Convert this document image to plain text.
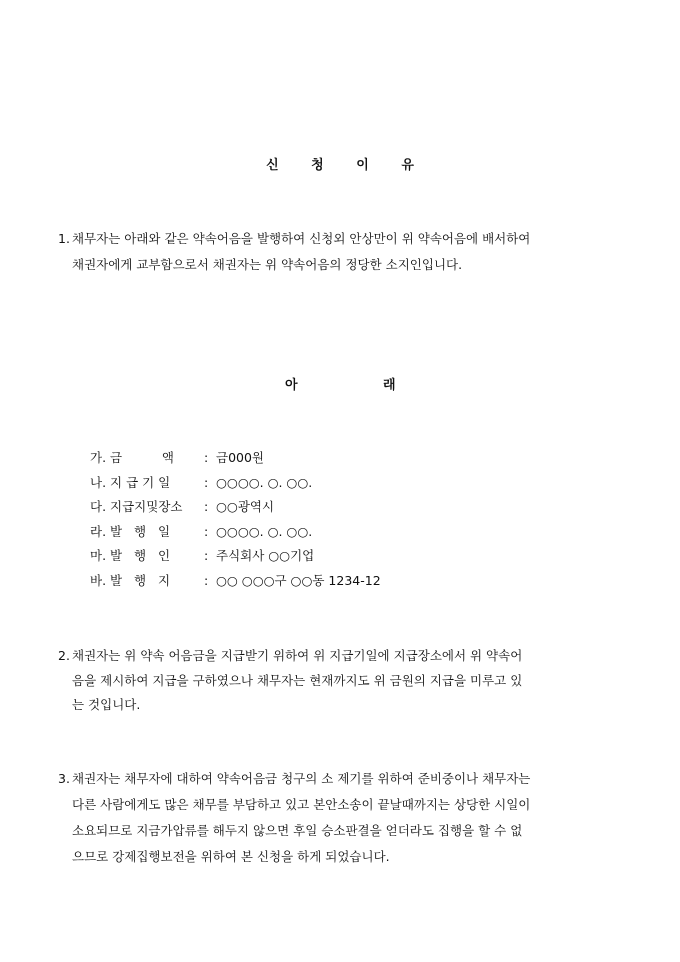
신	청	이	유
1. 채무자는 아래와 같은 약속어음을 발행하여 신청외 안상만이 위 약속어음에 배서하여
채권자에게 교부함으로서 채권자는 위 약속어음의 정당한 소지인입니다.
아	래
가. 금          액 : 금000원
나. 지 급 기 일	: ○○○○. ○. ○○.
다. 지급지및장소 : ○○광역시
라. 발   행   일	: ○○○○. ○. ○○.
마. 발   행   인	: 주식회사 ○○기업
바. 발   행   지	: ○○ ○○○구 ○○동 1234-12
2. 채권자는 위 약속 어음금을 지급받기 위하여 위 지급기일에 지급장소에서 위 약속어
음을 제시하여 지급을 구하였으나 채무자는 현재까지도 위 금원의 지급을 미루고 있
는 것입니다.
3. 채권자는 채무자에 대하여 약속어음금 청구의 소 제기를 위하여 준비중이나 채무자는
다른 사람에게도 많은 채무를 부담하고 있고 본안소송이 끝날때까지는 상당한 시일이
소요되므로 지금가압류를 해두지 않으면 후일 승소판결을 얻더라도 집행을 할 수 없
으므로 강제집행보전을 위하여 본 신청을 하게 되었습니다.
